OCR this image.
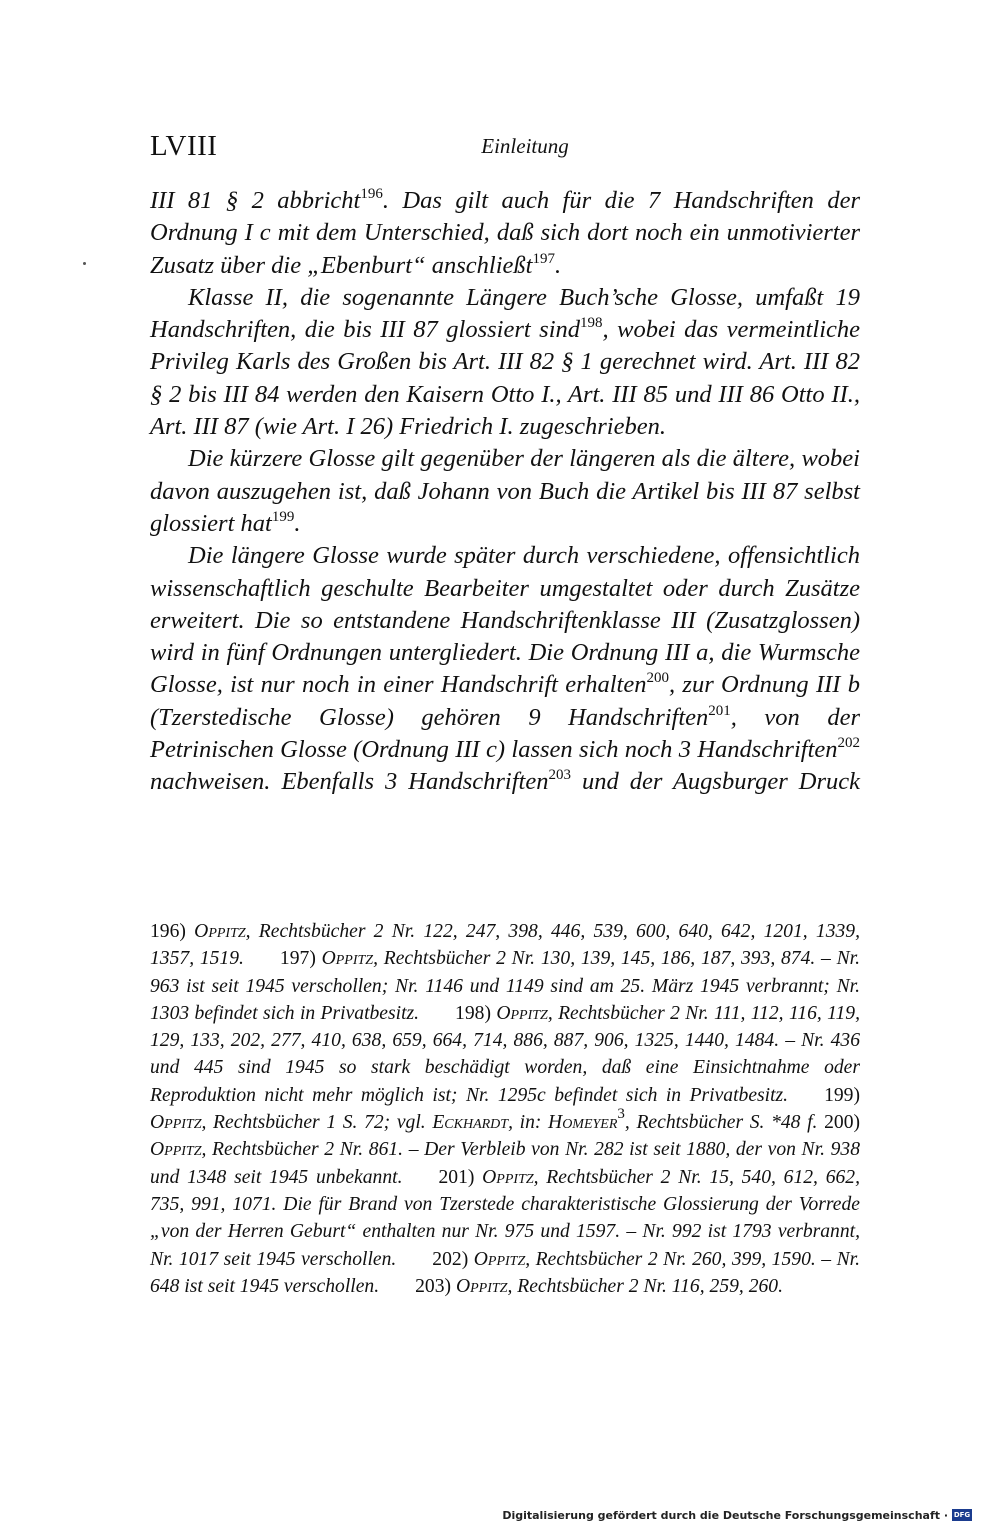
LVIII	Einleitung

III 81 § 2 abbricht$^{196}$. Das gilt auch für die 7 Handschriften der Ordnung I c mit dem Unterschied, daß sich dort noch ein unmotivierter Zusatz über die „Ebenburt“ anschließt$^{197}$.

Klasse II, die sogenannte Längere Buch’sche Glosse, umfaßt 19 Handschriften, die bis III 87 glossiert sind$^{198}$, wobei das vermeintliche Privileg Karls des Großen bis Art. III 82 § 1 gerechnet wird. Art. III 82 § 2 bis III 84 werden den Kaisern Otto I., Art. III 85 und III 86 Otto II., Art. III 87 (wie Art. I 26) Friedrich I. zugeschrieben.

Die kürzere Glosse gilt gegenüber der längeren als die ältere, wobei davon auszugehen ist, daß Johann von Buch die Artikel bis III 87 selbst glossiert hat$^{199}$.

Die längere Glosse wurde später durch verschiedene, offensichtlich wissenschaftlich geschulte Bearbeiter umgestaltet oder durch Zusätze erweitert. Die so entstandene Handschriftenklasse III (Zusatzglossen) wird in fünf Ordnungen untergliedert. Die Ordnung III a, die Wurmsche Glosse, ist nur noch in einer Handschrift erhalten$^{200}$, zur Ordnung III b (Tzerstedische Glosse) gehören 9 Handschriften$^{201}$, von der Petrinischen Glosse (Ordnung III c) lassen sich noch 3 Handschriften$^{202}$ nachweisen. Ebenfalls 3 Handschriften$^{203}$ und der Augsburger Druck

196) Oppitz, Rechtsbücher 2 Nr. 122, 247, 398, 446, 539, 600, 640, 642, 1201, 1339, 1357, 1519. 197) Oppitz, Rechtsbücher 2 Nr. 130, 139, 145, 186, 187, 393, 874. – Nr. 963 ist seit 1945 verschollen; Nr. 1146 und 1149 sind am 25. März 1945 verbrannt; Nr. 1303 befindet sich in Privatbesitz. 198) Oppitz, Rechtsbücher 2 Nr. 111, 112, 116, 119, 129, 133, 202, 277, 410, 638, 659, 664, 714, 886, 887, 906, 1325, 1440, 1484. – Nr. 436 und 445 sind 1945 so stark beschädigt worden, daß eine Einsichtnahme oder Reproduktion nicht mehr möglich ist; Nr. 1295c befindet sich in Privatbesitz. 199) Oppitz, Rechtsbücher 1 S. 72; vgl. Eckhardt, in: Homeyer$^3$, Rechtsbücher S. *48 f. 200) Oppitz, Rechtsbücher 2 Nr. 861. – Der Verbleib von Nr. 282 ist seit 1880, der von Nr. 938 und 1348 seit 1945 unbekannt. 201) Oppitz, Rechtsbücher 2 Nr. 15, 540, 612, 662, 735, 991, 1071. Die für Brand von Tzerstede charakteristische Glossierung der Vorrede „von der Herren Geburt“ enthalten nur Nr. 975 und 1597. – Nr. 992 ist 1793 verbrannt, Nr. 1017 seit 1945 verschollen. 202) Oppitz, Rechtsbücher 2 Nr. 260, 399, 1590. – Nr. 648 ist seit 1945 verschollen. 203) Oppitz, Rechtsbücher 2 Nr. 116, 259, 260.

Digitalisierung gefördert durch die Deutsche Forschungsgemeinschaft · DFG
